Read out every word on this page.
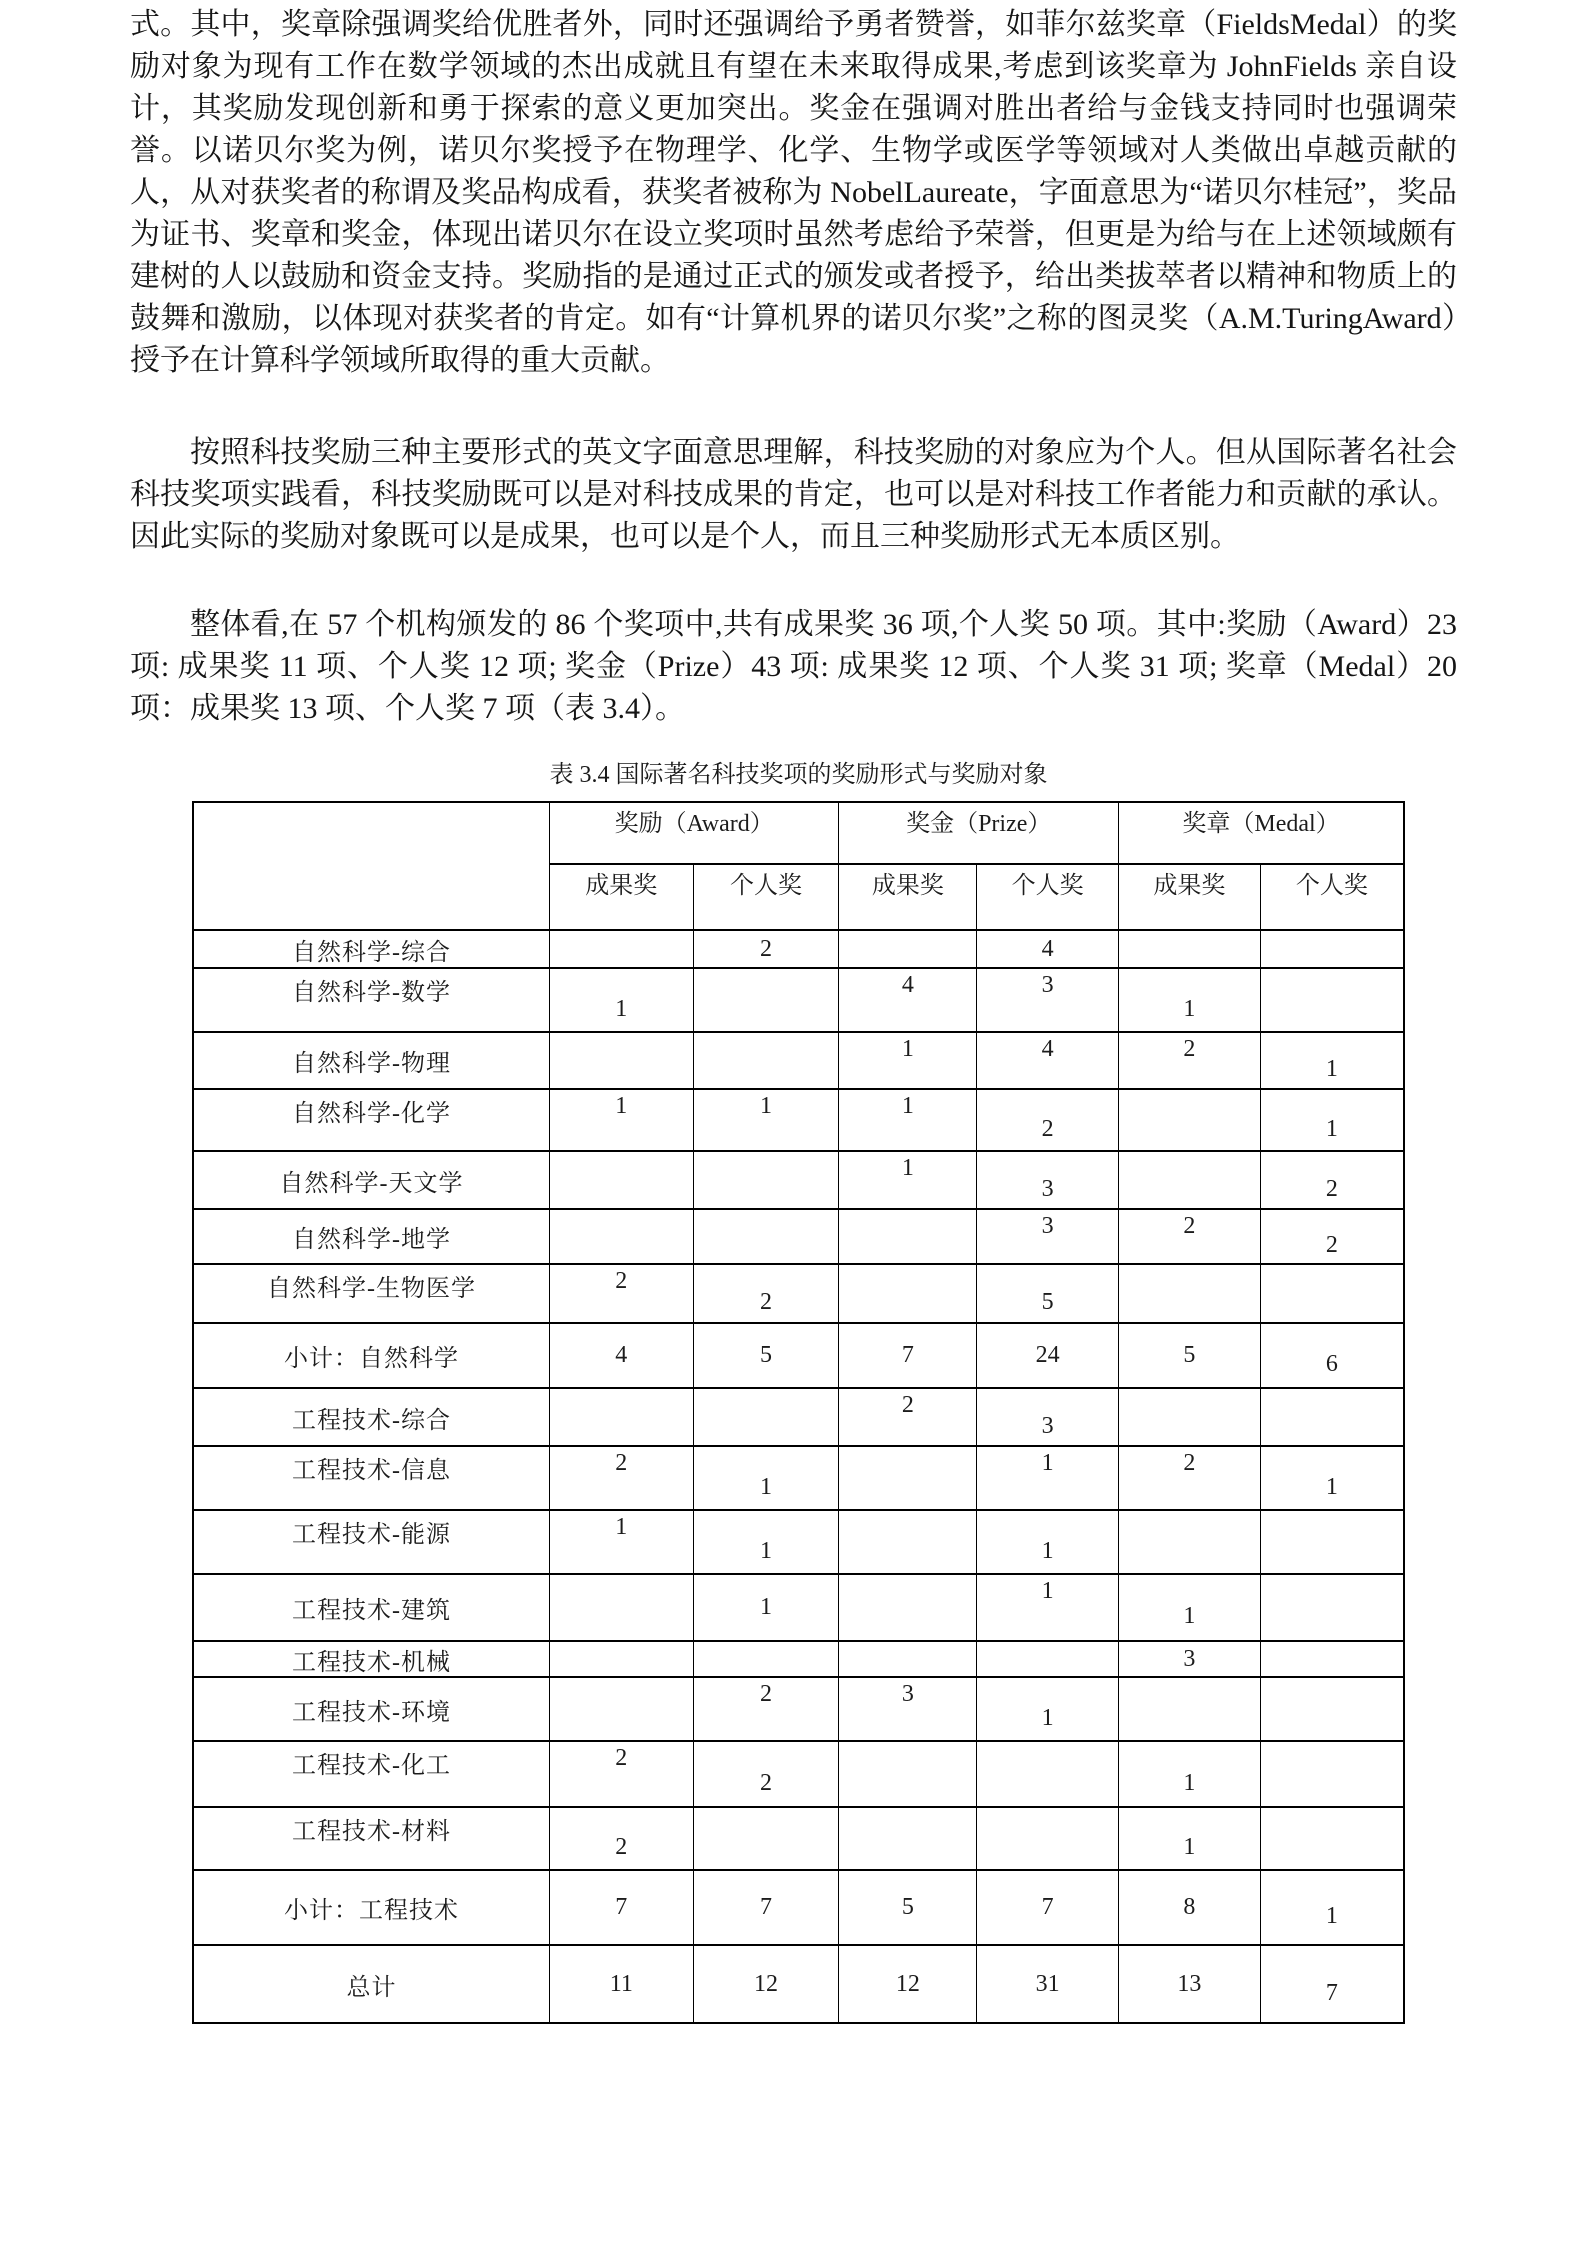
式。其中，奖章除强调奖给优胜者外，同时还强调给予勇者赞誉，如菲尔兹奖章（FieldsMedal）的奖励对象为现有工作在数学领域的杰出成就且有望在未来取得成果,考虑到该奖章为 JohnFields 亲自设计，其奖励发现创新和勇于探索的意义更加突出。奖金在强调对胜出者给与金钱支持同时也强调荣誉。以诺贝尔奖为例，诺贝尔奖授予在物理学、化学、生物学或医学等领域对人类做出卓越贡献的人，从对获奖者的称谓及奖品构成看，获奖者被称为 NobelLaureate，字面意思为“诺贝尔桂冠”，奖品为证书、奖章和奖金，体现出诺贝尔在设立奖项时虽然考虑给予荣誉，但更是为给与在上述领域颇有建树的人以鼓励和资金支持。奖励指的是通过正式的颁发或者授予，给出类拔萃者以精神和物质上的鼓舞和激励，以体现对获奖者的肯定。如有“计算机界的诺贝尔奖”之称的图灵奖（A.M.TuringAward）授予在计算科学领域所取得的重大贡献。

按照科技奖励三种主要形式的英文字面意思理解，科技奖励的对象应为个人。但从国际著名社会科技奖项实践看，科技奖励既可以是对科技成果的肯定，也可以是对科技工作者能力和贡献的承认。因此实际的奖励对象既可以是成果，也可以是个人，而且三种奖励形式无本质区别。

整体看,在 57 个机构颁发的 86 个奖项中,共有成果奖 36 项,个人奖 50 项。其中:奖励（Award）23 项: 成果奖 11 项、个人奖 12 项; 奖金（Prize）43 项: 成果奖 12 项、个人奖 31 项; 奖章（Medal）20 项：成果奖 13 项、个人奖 7 项（表 3.4）。

表 3.4 国际著名科技奖项的奖励形式与奖励对象
	奖励（Award）		奖金（Prize）		奖章（Medal）	
	成果奖	个人奖	成果奖	个人奖	成果奖	个人奖

自然科学-综合		2		4		

自然科学-数学	1		4	3	1	

自然科学-物理			1	4	2	1

自然科学-化学	1	1	1	2		1

自然科学-天文学			1	3		2

自然科学-地学				3	2	2

自然科学-生物医学	2	2		5		

小计：自然科学	4	5	7	24	5	6

工程技术-综合			2	3		

工程技术-信息	2	1		1	2	1

工程技术-能源	1	1		1		

工程技术-建筑		1		1	1	

工程技术-机械					3	

工程技术-环境		2	3	1		

工程技术-化工	2	2			1	

工程技术-材料	2				1	

小计：工程技术	7	7	5	7	8	1

总计	11	12	12	31	13	7
